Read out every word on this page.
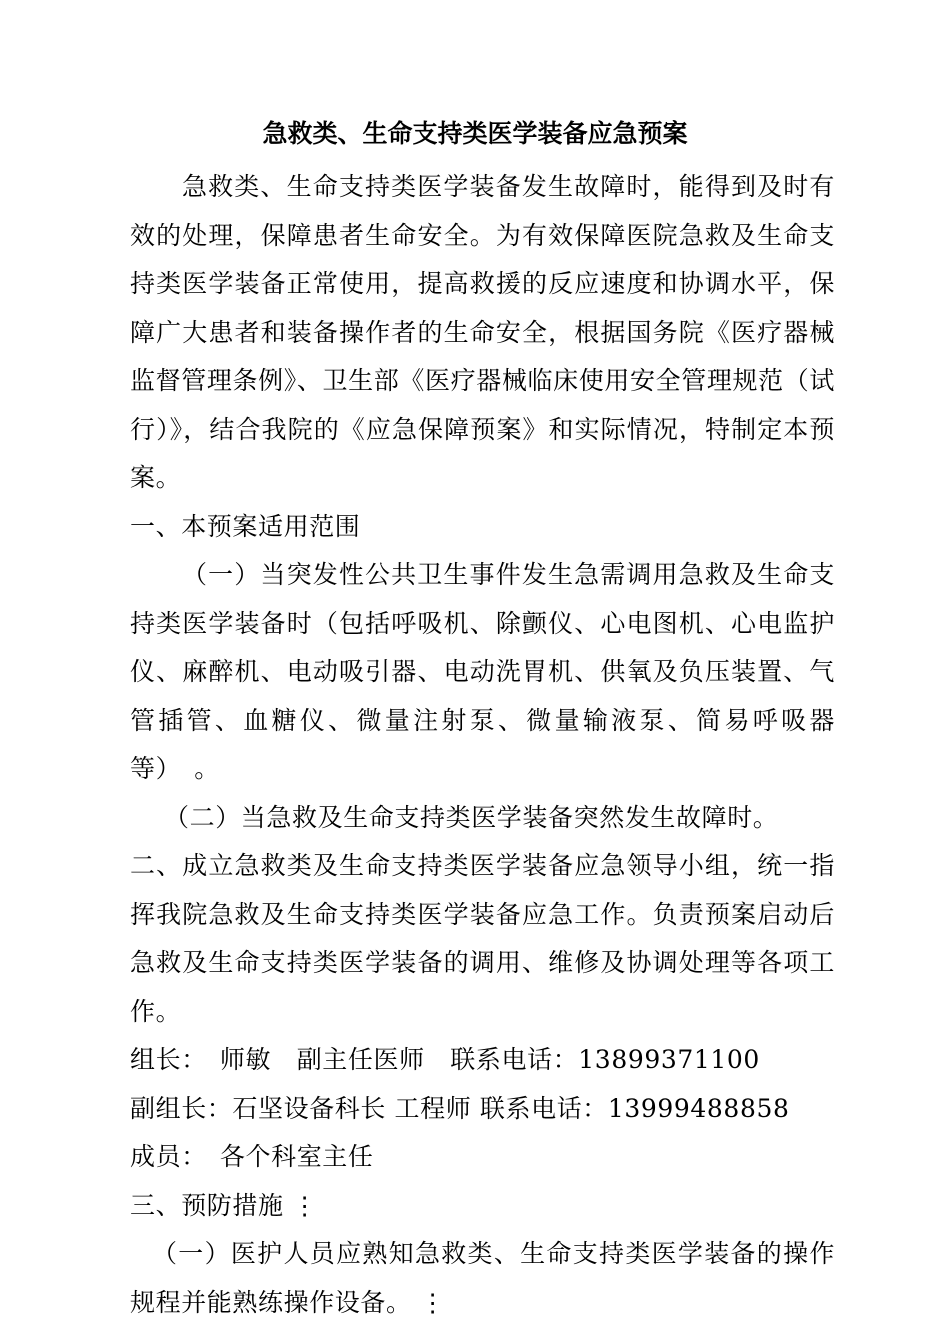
急救类、生命支持类医学装备应急预案

急救类、生命支持类医学装备发生故障时，能得到及时有效的处理，保障患者生命安全。为有效保障医院急救及生命支持类医学装备正常使用，提高救援的反应速度和协调水平，保障广大患者和装备操作者的生命安全，根据国务院《医疗器械监督管理条例》、卫生部《医疗器械临床使用安全管理规范（试行）》，结合我院的《应急保障预案》和实际情况，特制定本预案。

一、本预案适用范围

（一）当突发性公共卫生事件发生急需调用急救及生命支持类医学装备时（包括呼吸机、除颤仪、心电图机、心电监护仪、麻醉机、电动吸引器、电动洗胃机、供氧及负压装置、气管插管、血糖仪、微量注射泵、微量输液泵、简易呼吸器等）　。

（二）当急救及生命支持类医学装备突然发生故障时。

二、成立急救类及生命支持类医学装备应急领导小组，统一指挥我院急救及生命支持类医学装备应急工作。负责预案启动后急救及生命支持类医学装备的调用、维修及协调处理等各项工作。

组长：　师敏　副主任医师　联系电话：13899371100

副组长：石坚设备科长 工程师 联系电话：13999488858

成员：　各个科室主任

三、预防措施 ⋮

（一）医护人员应熟知急救类、生命支持类医学装备的操作规程并能熟练操作设备。 ⋮
